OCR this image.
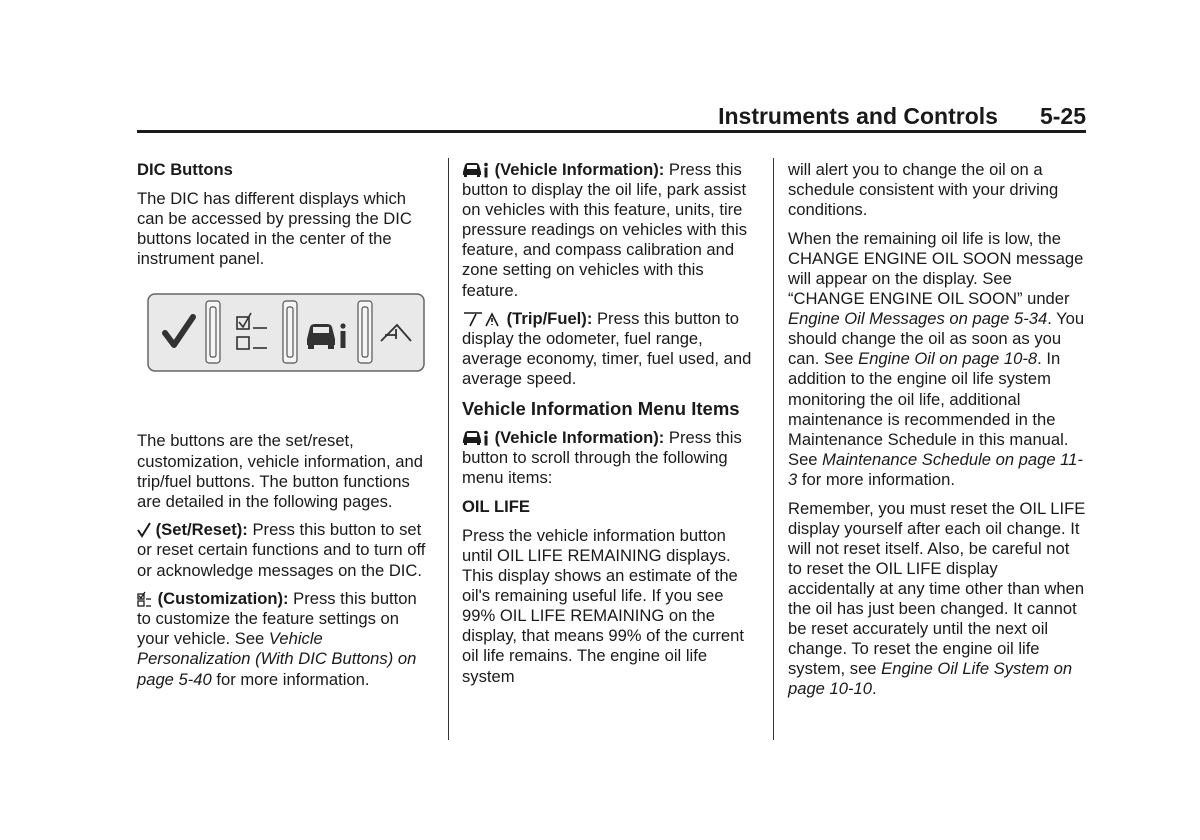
Instruments and Controls 5-25

DIC Buttons

The DIC has different displays which can be accessed by pressing the DIC buttons located in the center of the instrument panel.

The buttons are the set/reset, customization, vehicle information, and trip/fuel buttons. The button functions are detailed in the following pages.

(Set/Reset): Press this button to set or reset certain functions and to turn off or acknowledge messages on the DIC.

(Customization): Press this button to customize the feature settings on your vehicle. See Vehicle Personalization (With DIC Buttons) on page 5-40 for more information.

(Vehicle Information): Press this button to display the oil life, park assist on vehicles with this feature, units, tire pressure readings on vehicles with this feature, and compass calibration and zone setting on vehicles with this feature.

(Trip/Fuel): Press this button to display the odometer, fuel range, average economy, timer, fuel used, and average speed.

Vehicle Information Menu Items

(Vehicle Information): Press this button to scroll through the following menu items:

OIL LIFE

Press the vehicle information button until OIL LIFE REMAINING displays. This display shows an estimate of the oil's remaining useful life. If you see 99% OIL LIFE REMAINING on the display, that means 99% of the current oil life remains. The engine oil life system

will alert you to change the oil on a schedule consistent with your driving conditions.

When the remaining oil life is low, the CHANGE ENGINE OIL SOON message will appear on the display. See “CHANGE ENGINE OIL SOON” under Engine Oil Messages on page 5-34. You should change the oil as soon as you can. See Engine Oil on page 10-8. In addition to the engine oil life system monitoring the oil life, additional maintenance is recommended in the Maintenance Schedule in this manual. See Maintenance Schedule on page 11-3 for more information.

Remember, you must reset the OIL LIFE display yourself after each oil change. It will not reset itself. Also, be careful not to reset the OIL LIFE display accidentally at any time other than when the oil has just been changed. It cannot be reset accurately until the next oil change. To reset the engine oil life system, see Engine Oil Life System on page 10-10.
